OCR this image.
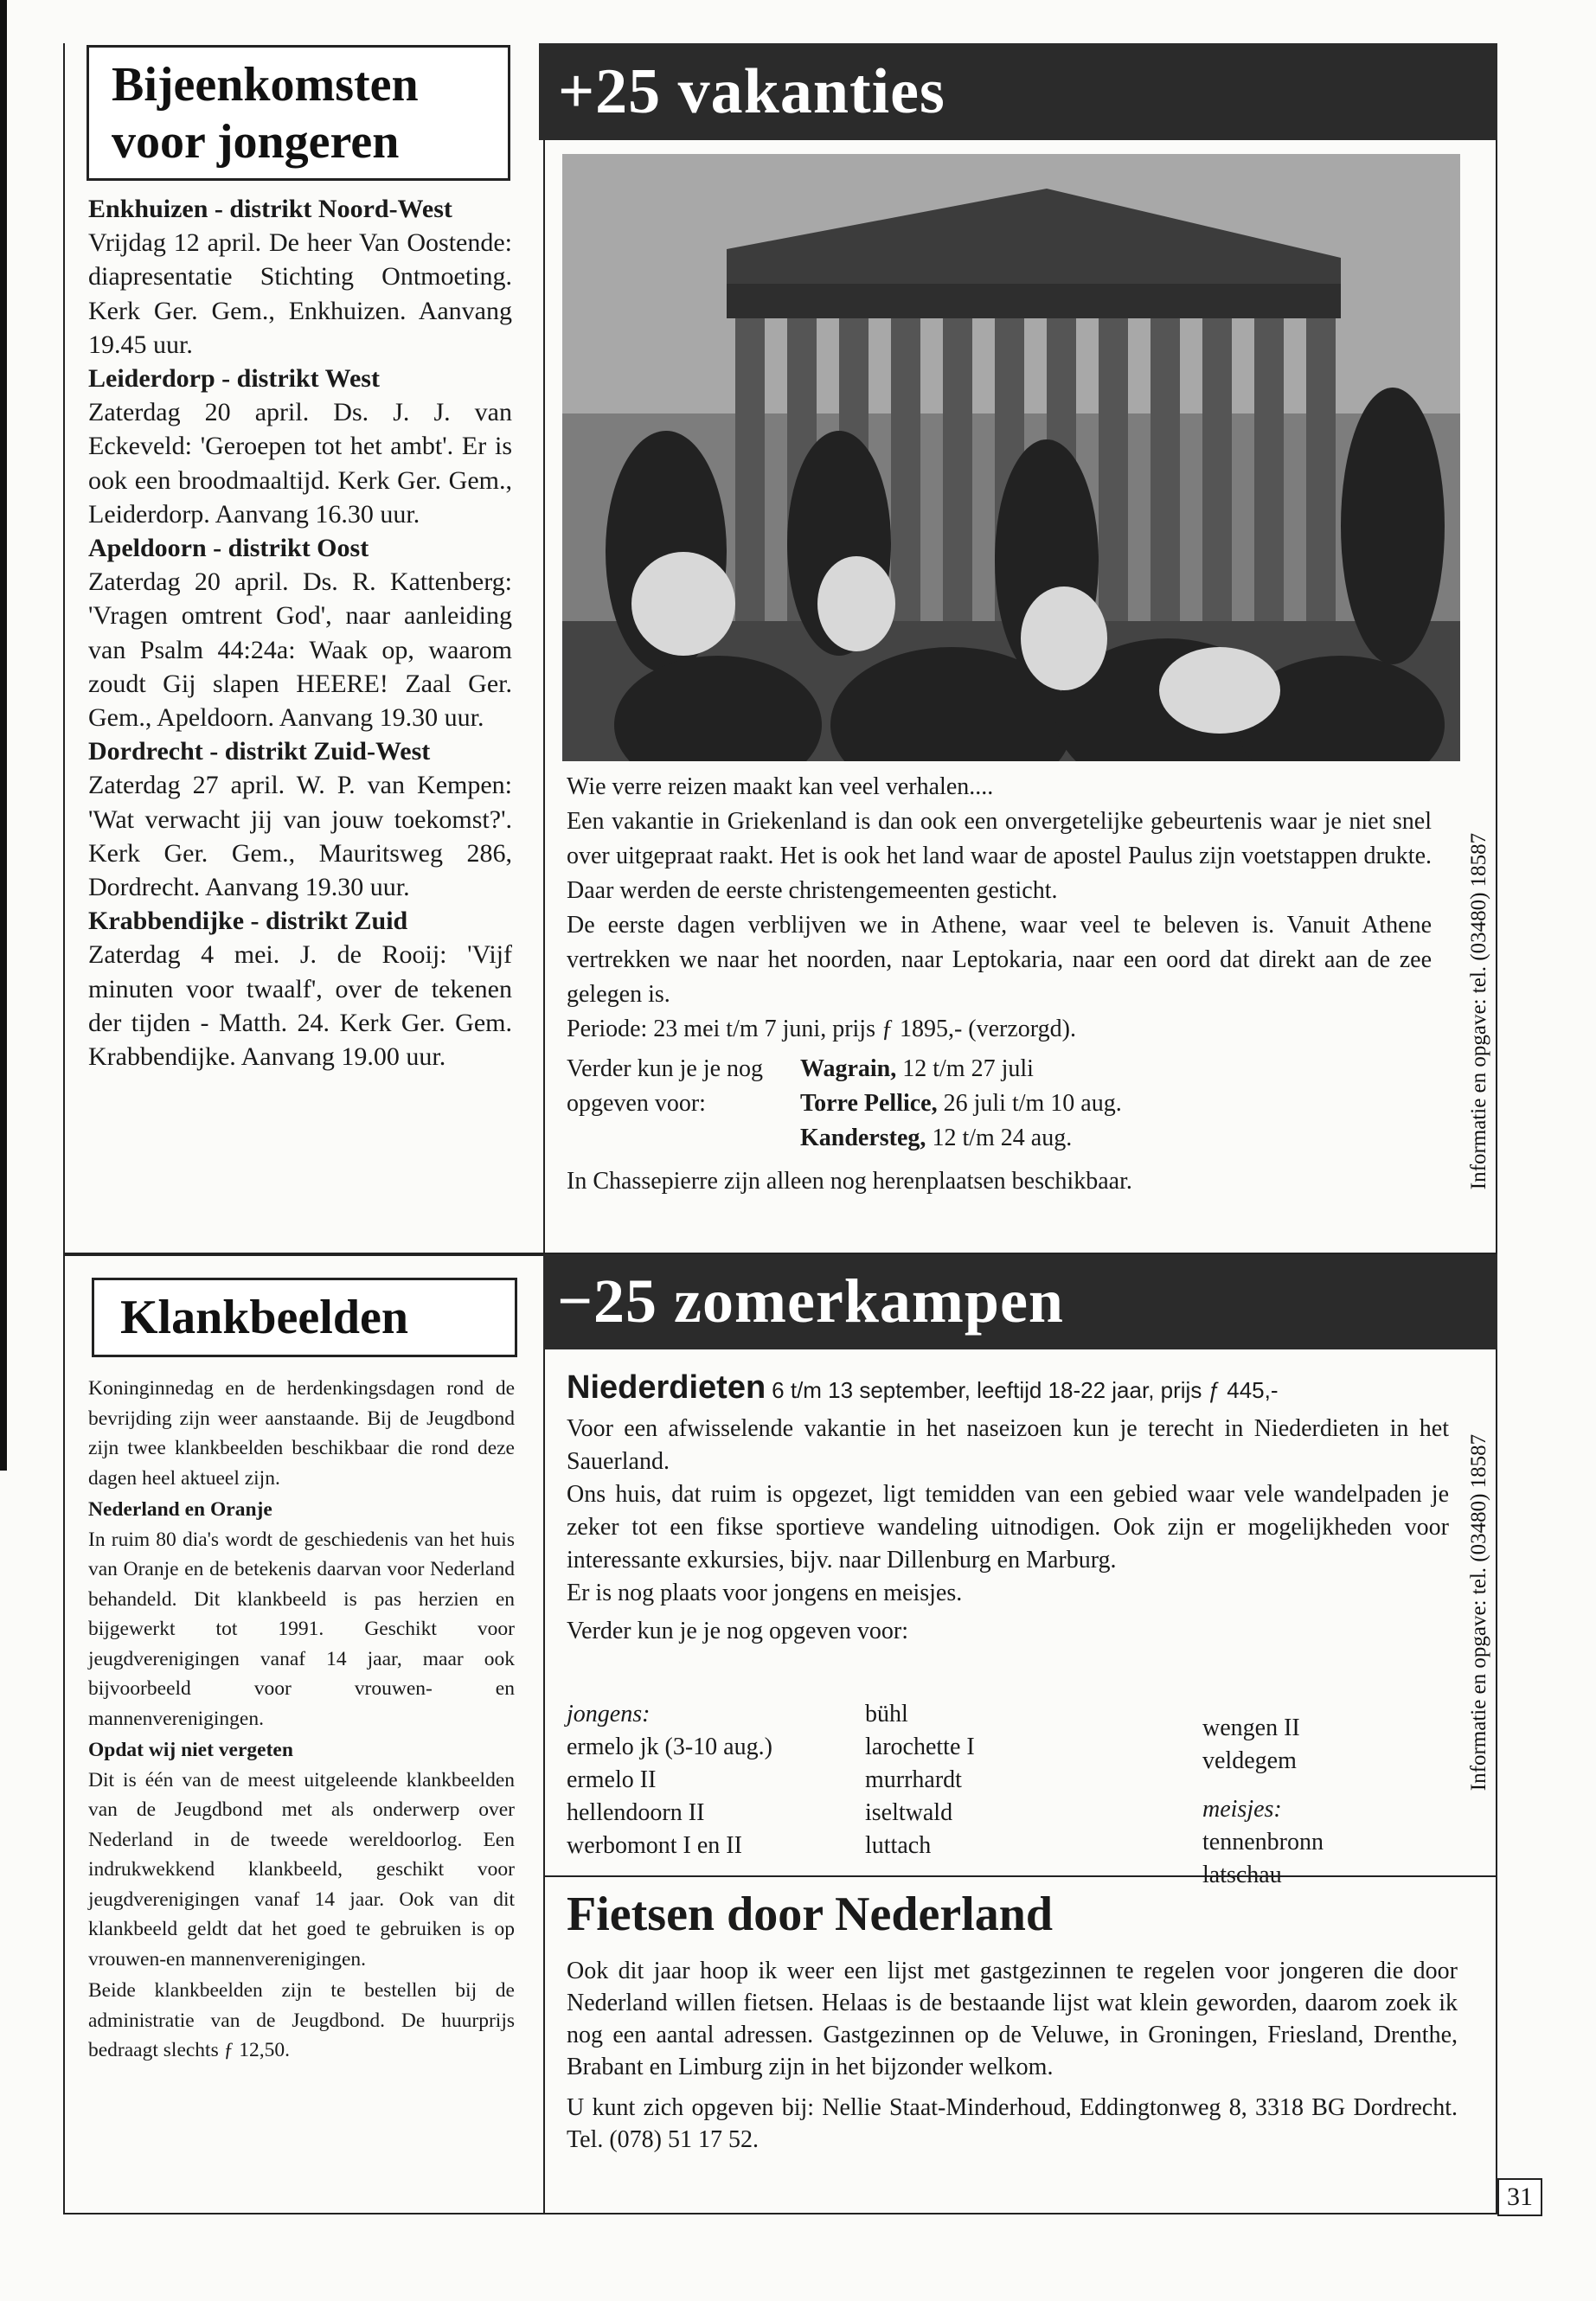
Bijeenkomsten
voor jongeren

Enkhuizen - distrikt Noord-West

Vrijdag 12 april. De heer Van Oostende: diapresentatie Stichting Ontmoeting. Kerk Ger. Gem., Enkhuizen. Aanvang 19.45 uur.

Leiderdorp - distrikt West

Zaterdag 20 april. Ds. J. J. van Eckeveld: 'Geroepen tot het ambt'. Er is ook een broodmaaltijd. Kerk Ger. Gem., Leiderdorp. Aanvang 16.30 uur.

Apeldoorn - distrikt Oost

Zaterdag 20 april. Ds. R. Kattenberg: 'Vragen omtrent God', naar aanleiding van Psalm 44:24a: Waak op, waarom zoudt Gij slapen HEERE! Zaal Ger. Gem., Apeldoorn. Aanvang 19.30 uur.

Dordrecht - distrikt Zuid-West

Zaterdag 27 april. W. P. van Kempen: 'Wat verwacht jij van jouw toekomst?'. Kerk Ger. Gem., Mauritsweg 286, Dordrecht. Aanvang 19.30 uur.

Krabbendijke - distrikt Zuid

Zaterdag 4 mei. J. de Rooij: 'Vijf minuten voor twaalf', over de tekenen der tijden - Matth. 24. Kerk Ger. Gem. Krabbendijke. Aanvang 19.00 uur.

Klankbeelden

Koninginnedag en de herdenkingsdagen rond de bevrijding zijn weer aanstaande. Bij de Jeugdbond zijn twee klankbeelden beschikbaar die rond deze dagen heel aktueel zijn.

Nederland en Oranje

In ruim 80 dia's wordt de geschiedenis van het huis van Oranje en de betekenis daarvan voor Nederland behandeld. Dit klankbeeld is pas herzien en bijgewerkt tot 1991. Geschikt voor jeugdverenigingen vanaf 14 jaar, maar ook bijvoorbeeld voor vrouwen- en mannenverenigingen.

Opdat wij niet vergeten

Dit is één van de meest uitgeleende klankbeelden van de Jeugdbond met als onderwerp over Nederland in de tweede wereldoorlog. Een indrukwekkend klankbeeld, geschikt voor jeugdverenigingen vanaf 14 jaar. Ook van dit klankbeeld geldt dat het goed te gebruiken is op vrouwen-en mannenverenigingen.

Beide klankbeelden zijn te bestellen bij de administratie van de Jeugdbond. De huurprijs bedraagt slechts ƒ 12,50.

+25 vakanties

Wie verre reizen maakt kan veel verhalen....

Een vakantie in Griekenland is dan ook een onvergetelijke gebeurtenis waar je niet snel over uitgepraat raakt. Het is ook het land waar de apostel Paulus zijn voetstappen drukte. Daar werden de eerste christengemeenten gesticht.

De eerste dagen verblijven we in Athene, waar veel te beleven is. Vanuit Athene vertrekken we naar het noorden, naar Leptokaria, naar een oord dat direkt aan de zee gelegen is.

Periode: 23 mei t/m 7 juni, prijs ƒ 1895,- (verzorgd).

Verder kun je je nog opgeven voor:
Wagrain, 12 t/m 27 juli
Torre Pellice, 26 juli t/m 10 aug.
Kandersteg, 12 t/m 24 aug.

In Chassepierre zijn alleen nog herenplaatsen beschikbaar.	Informatie en opgave: tel. (03480) 18587
−25 zomerkampen

Niederdieten 6 t/m 13 september, leeftijd 18-22 jaar, prijs ƒ 445,-

Voor een afwisselende vakantie in het naseizoen kun je terecht in Niederdieten in het Sauerland.

Ons huis, dat ruim is opgezet, ligt temidden van een gebied waar vele wandelpaden je zeker tot een fikse sportieve wandeling uitnodigen. Ook zijn er mogelijkheden voor interessante exkursies, bijv. naar Dillenburg en Marburg.

Er is nog plaats voor jongens en meisjes.

Verder kun je je nog opgeven voor:

jongens:
ermelo jk (3-10 aug.)
ermelo II
hellendoorn II
werbomont I en II
bühl
larochette I
murrhardt
iseltwald
luttach
wengen II
veldegem
meisjes:
tennenbronn
latschau
Informatie en opgave: tel. (03480) 18587
Fietsen door Nederland

Ook dit jaar hoop ik weer een lijst met gastgezinnen te regelen voor jongeren die door Nederland willen fietsen. Helaas is de bestaande lijst wat klein geworden, daarom zoek ik nog een aantal adressen. Gastgezinnen op de Veluwe, in Groningen, Friesland, Drenthe, Brabant en Limburg zijn in het bijzonder welkom.

U kunt zich opgeven bij: Nellie Staat-Minderhoud, Eddingtonweg 8, 3318 BG Dordrecht. Tel. (078) 51 17 52.

31
